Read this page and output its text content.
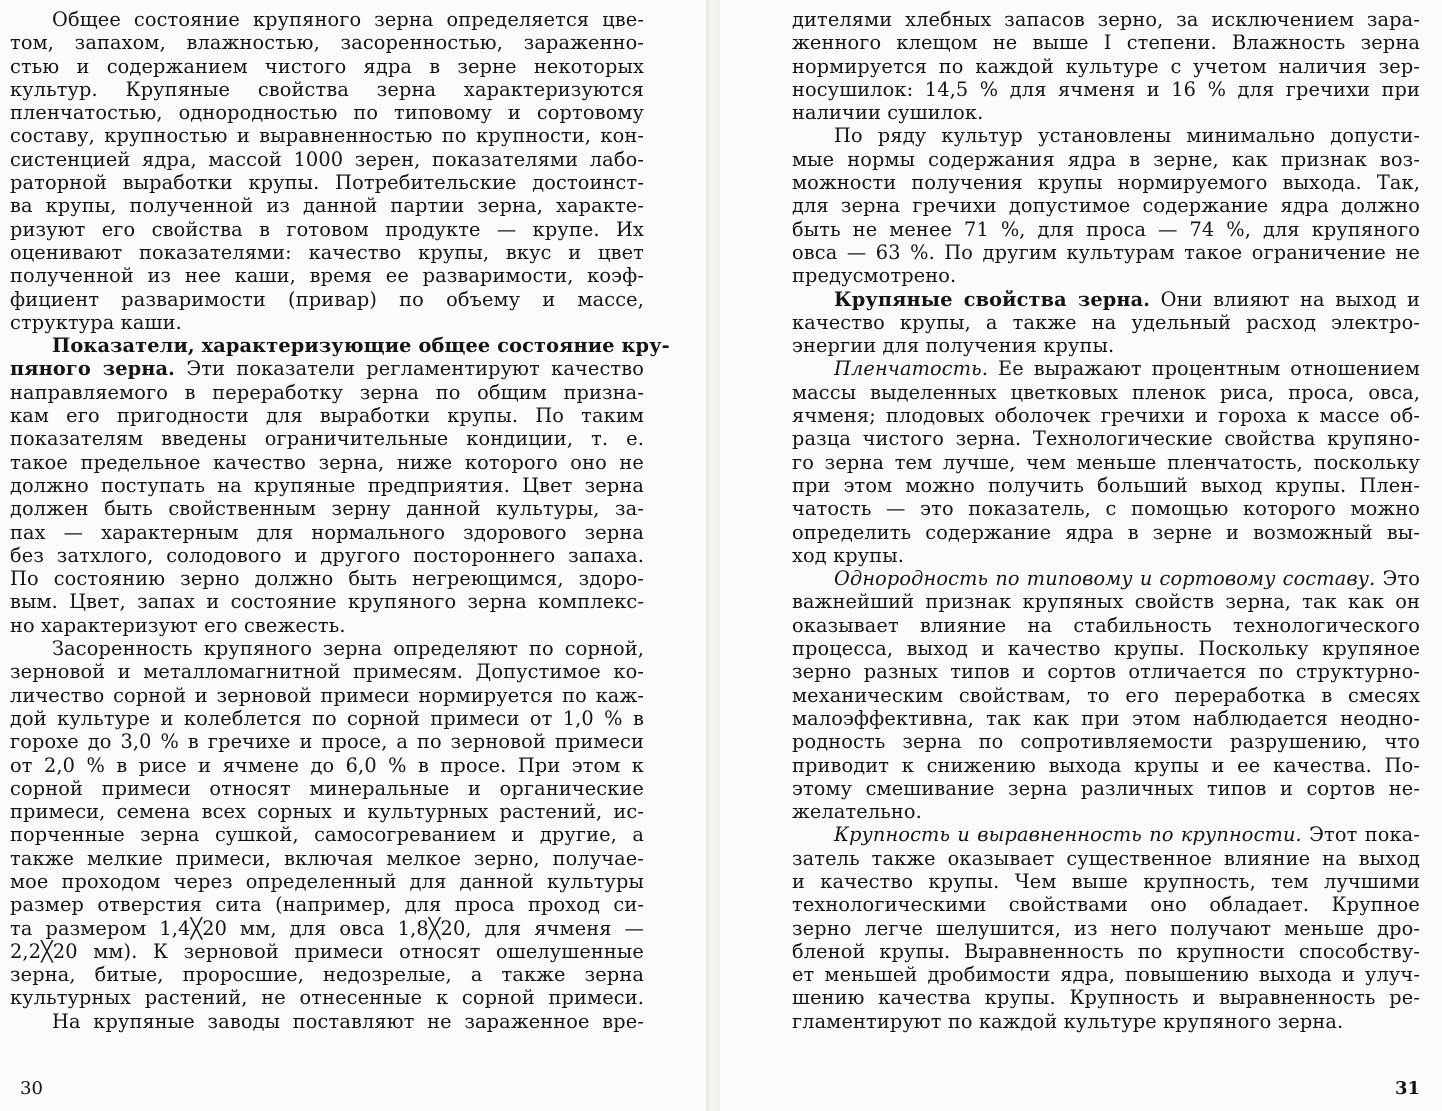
Общее состояние крупяного зерна определяется цве-
том, запахом, влажностью, засоренностью, зараженно-
стью и содержанием чистого ядра в зерне некоторых
культур. Крупяные свойства зерна характеризуются
пленчатостью, однородностью по типовому и сортовому
составу, крупностью и выравненностью по крупности, кон-
систенцией ядра, массой 1000 зерен, показателями лабо-
раторной выработки крупы. Потребительские достоинст-
ва крупы, полученной из данной партии зерна, характе-
ризуют его свойства в готовом продукте — крупе. Их
оценивают показателями: качество крупы, вкус и цвет
полученной из нее каши, время ее разваримости, коэф-
фициент разваримости (привар) по объему и массе,
структура каши.
Показатели, характеризующие общее состояние кру-
пяного зерна. Эти показатели регламентируют качество
направляемого в переработку зерна по общим призна-
кам его пригодности для выработки крупы. По таким
показателям введены ограничительные кондиции, т. е.
такое предельное качество зерна, ниже которого оно не
должно поступать на крупяные предприятия. Цвет зерна
должен быть свойственным зерну данной культуры, за-
пах — характерным для нормального здорового зерна
без затхлого, солодового и другого постороннего запаха.
По состоянию зерно должно быть негреющимся, здоро-
вым. Цвет, запах и состояние крупяного зерна комплекс-
но характеризуют его свежесть.
Засоренность крупяного зерна определяют по сорной,
зерновой и металломагнитной примесям. Допустимое ко-
личество сорной и зерновой примеси нормируется по каж-
дой культуре и колеблется по сорной примеси от 1,0 % в
горохе до 3,0 % в гречихе и просе, а по зерновой примеси
от 2,0 % в рисе и ячмене до 6,0 % в просе. При этом к
сорной примеси относят минеральные и органические
примеси, семена всех сорных и культурных растений, ис-
порченные зерна сушкой, самосогреванием и другие, а
также мелкие примеси, включая мелкое зерно, получае-
мое проходом через определенный для данной культуры
размер отверстия сита (например, для проса проход си-
та размером 1,4╳20 мм, для овса 1,8╳20, для ячменя —
2,2╳20 мм). К зерновой примеси относят ошелушенные
зерна, битые, проросшие, недозрелые, а также зерна
культурных растений, не отнесенные к сорной примеси.
На крупяные заводы поставляют не зараженное вре-
30
дителями хлебных запасов зерно, за исключением зара-
женного клещом не выше I степени. Влажность зерна
нормируется по каждой культуре с учетом наличия зер-
носушилок: 14,5 % для ячменя и 16 % для гречихи при
наличии сушилок.
По ряду культур установлены минимально допусти-
мые нормы содержания ядра в зерне, как признак воз-
можности получения крупы нормируемого выхода. Так,
для зерна гречихи допустимое содержание ядра должно
быть не менее 71 %, для проса — 74 %, для крупяного
овса — 63 %. По другим культурам такое ограничение не
предусмотрено.
Крупяные свойства зерна. Они влияют на выход и
качество крупы, а также на удельный расход электро-
энергии для получения крупы.
Пленчатость. Ее выражают процентным отношением
массы выделенных цветковых пленок риса, проса, овса,
ячменя; плодовых оболочек гречихи и гороха к массе об-
разца чистого зерна. Технологические свойства крупяно-
го зерна тем лучше, чем меньше пленчатость, поскольку
при этом можно получить больший выход крупы. Плен-
чатость — это показатель, с помощью которого можно
определить содержание ядра в зерне и возможный вы-
ход крупы.
Однородность по типовому и сортовому составу. Это
важнейший признак крупяных свойств зерна, так как он
оказывает влияние на стабильность технологического
процесса, выход и качество крупы. Поскольку крупяное
зерно разных типов и сортов отличается по структурно-
механическим свойствам, то его переработка в смесях
малоэффективна, так как при этом наблюдается неодно-
родность зерна по сопротивляемости разрушению, что
приводит к снижению выхода крупы и ее качества. По-
этому смешивание зерна различных типов и сортов не-
желательно.
Крупность и выравненность по крупности. Этот пока-
затель также оказывает существенное влияние на выход
и качество крупы. Чем выше крупность, тем лучшими
технологическими свойствами оно обладает. Крупное
зерно легче шелушится, из него получают меньше дро-
бленой крупы. Выравненность по крупности способству-
ет меньшей дробимости ядра, повышению выхода и улуч-
шению качества крупы. Крупность и выравненность ре-
гламентируют по каждой культуре крупяного зерна.
31
